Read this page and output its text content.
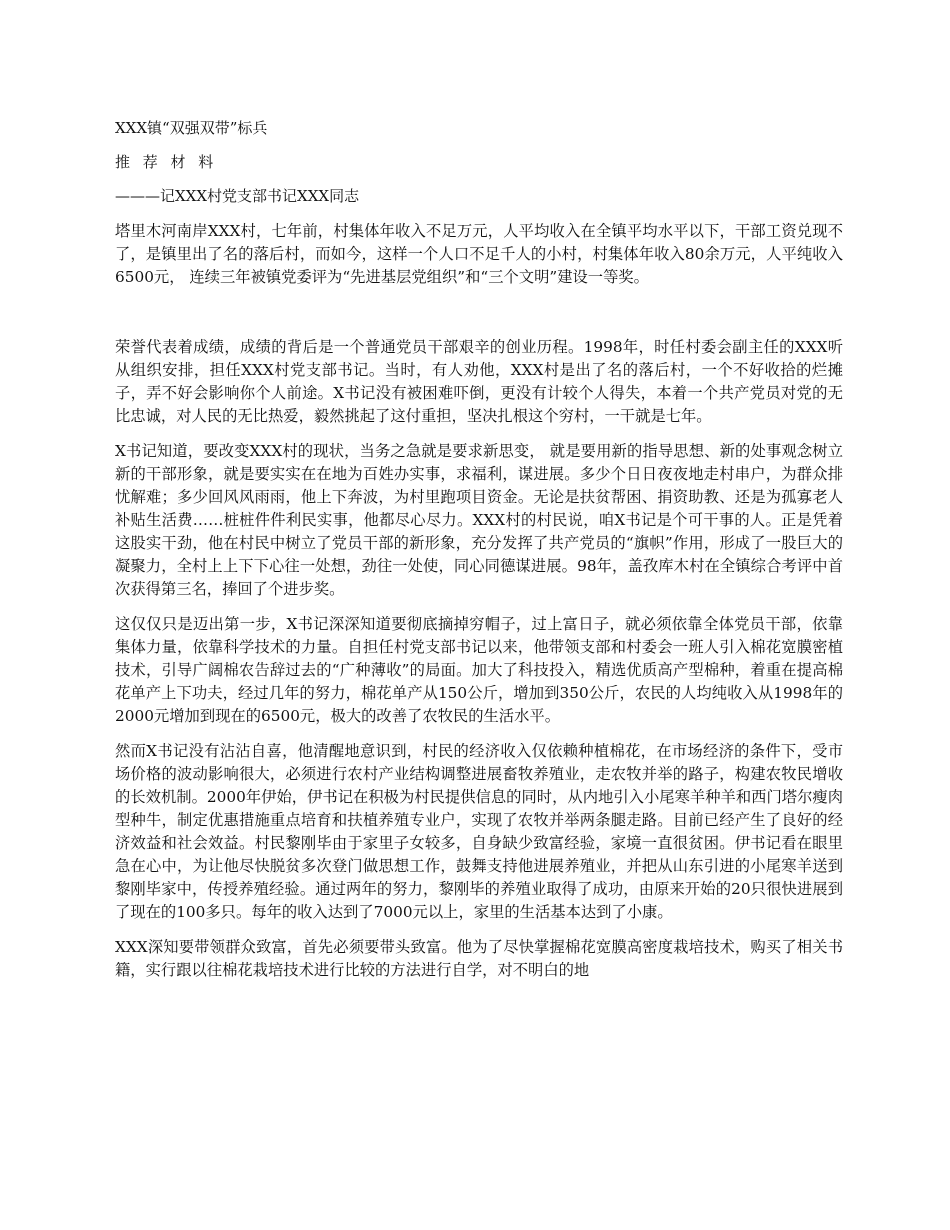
XXX镇“双强双带”标兵
推 荐 材 料
———记XXX村党支部书记XXX同志

塔里木河南岸XXX村，七年前，村集体年收入不足万元，人平均收入在全镇平均水平以下，干部工资兑现不了，是镇里出了名的落后村，而如今，这样一个人口不足千人的小村，村集体年收入80余万元，人平纯收入6500元， 连续三年被镇党委评为“先进基层党组织”和“三个文明”建设一等奖。

荣誉代表着成绩，成绩的背后是一个普通党员干部艰辛的创业历程。1998年，时任村委会副主任的XXX听从组织安排，担任XXX村党支部书记。当时，有人劝他，XXX村是出了名的落后村，一个不好收拾的烂摊子，弄不好会影响你个人前途。X书记没有被困难吓倒，更没有计较个人得失，本着一个共产党员对党的无比忠诚，对人民的无比热爱，毅然挑起了这付重担，坚决扎根这个穷村，一干就是七年。

X书记知道，要改变XXX村的现状，当务之急就是要求新思变， 就是要用新的指导思想、新的处事观念树立新的干部形象，就是要实实在在地为百姓办实事，求福利，谋进展。多少个日日夜夜地走村串户，为群众排忧解难；多少回风风雨雨，他上下奔波，为村里跑项目资金。无论是扶贫帮困、捐资助教、还是为孤寡老人补贴生活费……桩桩件件利民实事，他都尽心尽力。XXX村的村民说，咱X书记是个可干事的人。正是凭着这股实干劲，他在村民中树立了党员干部的新形象，充分发挥了共产党员的“旗帜”作用，形成了一股巨大的凝聚力，全村上上下下心往一处想，劲往一处使，同心同德谋进展。98年，盖孜库木村在全镇综合考评中首次获得第三名，捧回了个进步奖。

这仅仅只是迈出第一步，X书记深深知道要彻底摘掉穷帽子，过上富日子，就必须依靠全体党员干部，依靠集体力量，依靠科学技术的力量。自担任村党支部书记以来，他带领支部和村委会一班人引入棉花宽膜密植技术，引导广阔棉农告辞过去的“广种薄收”的局面。加大了科技投入，精选优质高产型棉种，着重在提高棉花单产上下功夫，经过几年的努力，棉花单产从150公斤，增加到350公斤，农民的人均纯收入从1998年的2000元增加到现在的6500元，极大的改善了农牧民的生活水平。

然而X书记没有沾沾自喜，他清醒地意识到，村民的经济收入仅依赖种植棉花，在市场经济的条件下，受市场价格的波动影响很大，必须进行农村产业结构调整进展畜牧养殖业，走农牧并举的路子，构建农牧民增收的长效机制。2000年伊始，伊书记在积极为村民提供信息的同时，从内地引入小尾寒羊种羊和西门塔尔瘦肉型种牛，制定优惠措施重点培育和扶植养殖专业户，实现了农牧并举两条腿走路。目前已经产生了良好的经济效益和社会效益。村民黎刚毕由于家里子女较多，自身缺少致富经验，家境一直很贫困。伊书记看在眼里急在心中，为让他尽快脱贫多次登门做思想工作，鼓舞支持他进展养殖业，并把从山东引进的小尾寒羊送到黎刚毕家中，传授养殖经验。通过两年的努力，黎刚毕的养殖业取得了成功，由原来开始的20只很快进展到了现在的100多只。每年的收入达到了7000元以上，家里的生活基本达到了小康。

XXX深知要带领群众致富，首先必须要带头致富。他为了尽快掌握棉花宽膜高密度栽培技术，购买了相关书籍，实行跟以往棉花栽培技术进行比较的方法进行自学，对不明白的地
